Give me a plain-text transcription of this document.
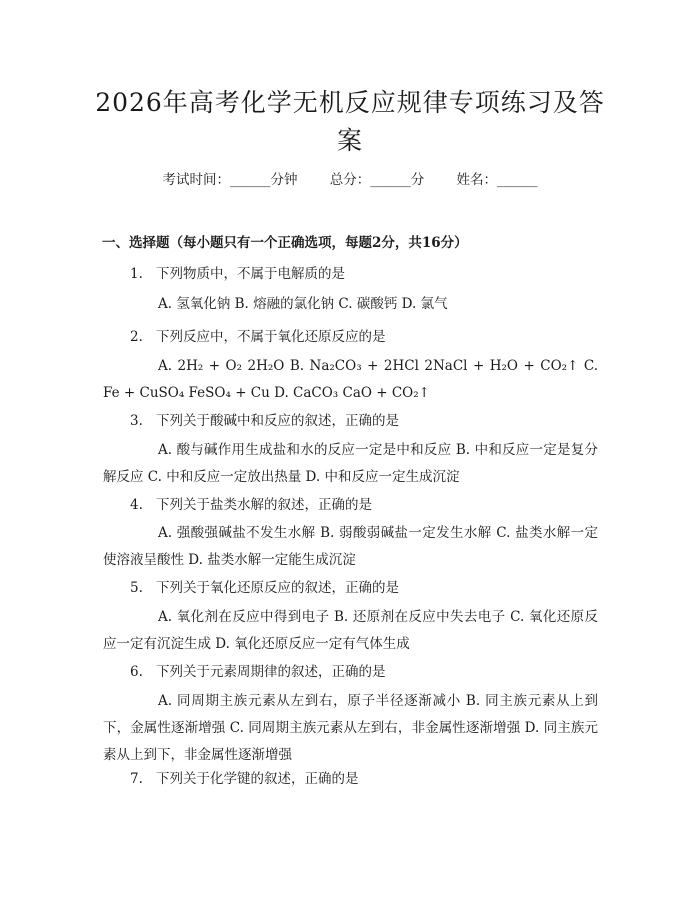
2026年高考化学无机反应规律专项练习及答案
考试时间：______分钟 总分：______分 姓名：______
一、选择题（每小题只有一个正确选项，每题2分，共16分）
1. 下列物质中，不属于电解质的是
A. 氢氧化钠 B. 熔融的氯化钠 C. 碳酸钙 D. 氯气
2. 下列反应中，不属于氧化还原反应的是
A. 2H₂ + O₂ 2H₂O B. Na₂CO₃ + 2HCl 2NaCl + H₂O + CO₂↑ C. Fe + CuSO₄ FeSO₄ + Cu D. CaCO₃ CaO + CO₂↑
3. 下列关于酸碱中和反应的叙述，正确的是
A. 酸与碱作用生成盐和水的反应一定是中和反应 B. 中和反应一定是复分解反应 C. 中和反应一定放出热量 D. 中和反应一定生成沉淀
4. 下列关于盐类水解的叙述，正确的是
A. 强酸强碱盐不发生水解 B. 弱酸弱碱盐一定发生水解 C. 盐类水解一定使溶液呈酸性 D. 盐类水解一定能生成沉淀
5. 下列关于氧化还原反应的叙述，正确的是
A. 氧化剂在反应中得到电子 B. 还原剂在反应中失去电子 C. 氧化还原反应一定有沉淀生成 D. 氧化还原反应一定有气体生成
6. 下列关于元素周期律的叙述，正确的是
A. 同周期主族元素从左到右，原子半径逐渐减小 B. 同主族元素从上到下，金属性逐渐增强 C. 同周期主族元素从左到右，非金属性逐渐增强 D. 同主族元素从上到下，非金属性逐渐增强
7. 下列关于化学键的叙述，正确的是
